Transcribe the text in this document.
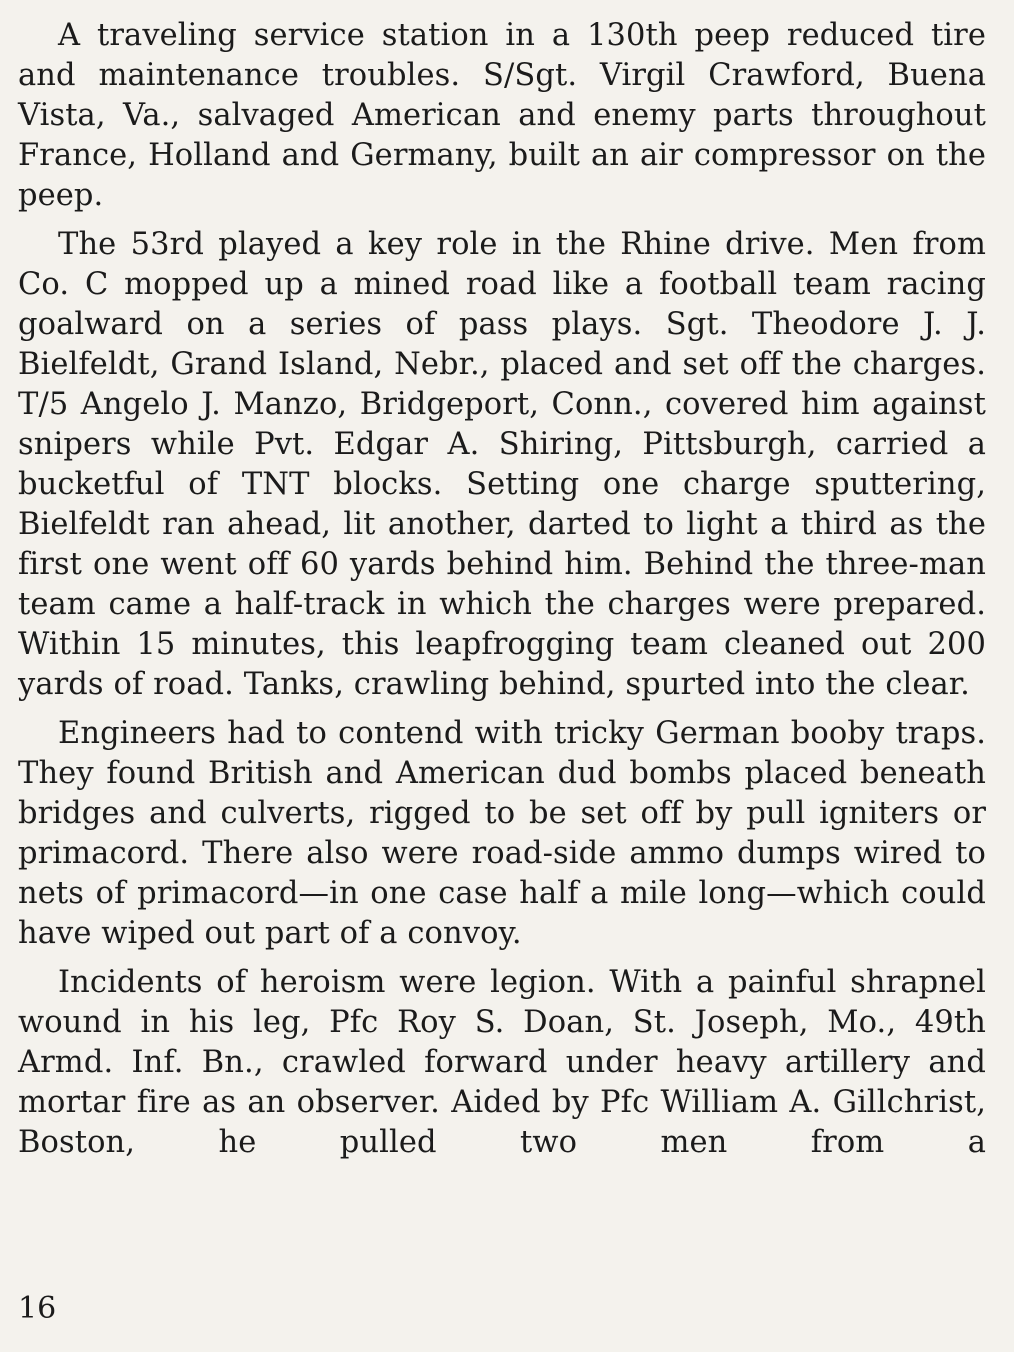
A traveling service station in a 130th peep reduced tire and maintenance troubles. S/Sgt. Virgil Crawford, Buena Vista, Va., salvaged American and enemy parts throughout France, Holland and Germany, built an air compressor on the peep.

The 53rd played a key role in the Rhine drive. Men from Co. C mopped up a mined road like a football team racing goalward on a series of pass plays. Sgt. Theodore J. J. Bielfeldt, Grand Island, Nebr., placed and set off the charges. T/5 Angelo J. Manzo, Bridgeport, Conn., covered him against snipers while Pvt. Edgar A. Shiring, Pittsburgh, carried a bucketful of TNT blocks. Setting one charge sputtering, Bielfeldt ran ahead, lit another, darted to light a third as the first one went off 60 yards behind him. Behind the three-man team came a half-track in which the charges were prepared. Within 15 minutes, this leapfrogging team cleaned out 200 yards of road. Tanks, crawling behind, spurted into the clear.

Engineers had to contend with tricky German booby traps. They found British and American dud bombs placed beneath bridges and culverts, rigged to be set off by pull igniters or primacord. There also were road-side ammo dumps wired to nets of primacord—in one case half a mile long—which could have wiped out part of a convoy.

Incidents of heroism were legion. With a painful shrapnel wound in his leg, Pfc Roy S. Doan, St. Joseph, Mo., 49th Armd. Inf. Bn., crawled forward under heavy artillery and mortar fire as an observer. Aided by Pfc William A. Gillchrist, Boston, he pulled two men from a

16
